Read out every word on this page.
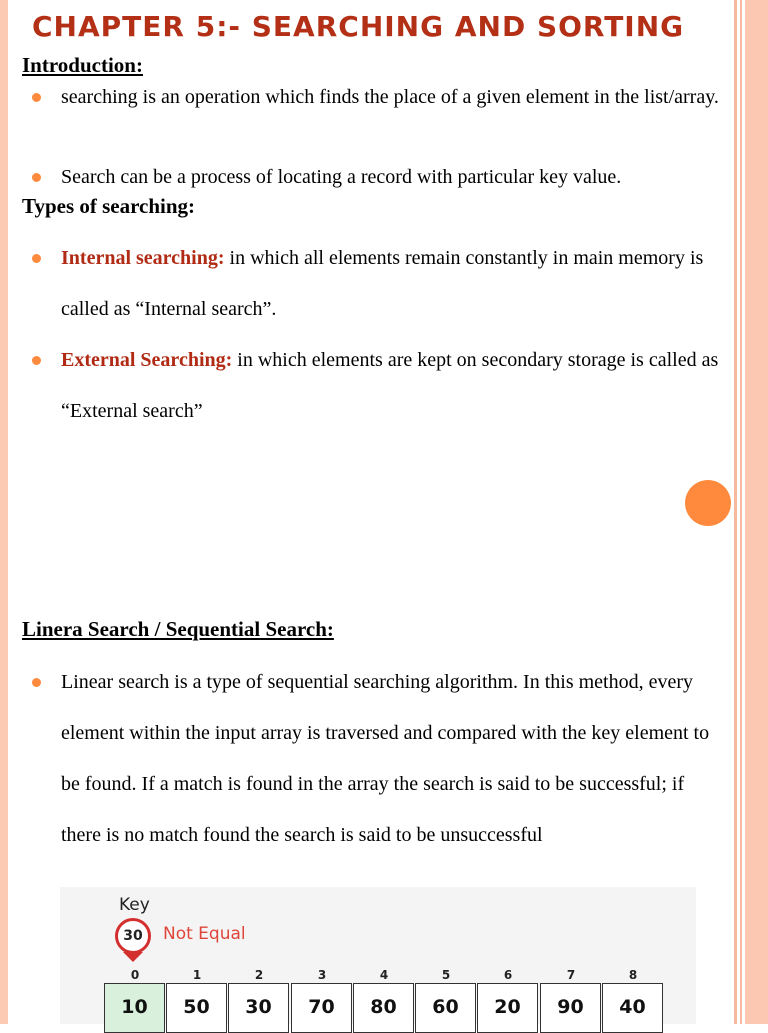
CHAPTER 5:- SEARCHING AND SORTING
Introduction:
searching is an operation which finds the place of a given element in the list/array.
Search can be a process of locating a record with particular key value.
Types of searching:
Internal searching: in which all elements remain constantly in main memory is called as “Internal search”.
External Searching: in which elements are kept on secondary storage is called as “External search”
Linera Search / Sequential Search:
Linear search is a type of sequential searching algorithm. In this method, every element within the input array is traversed and compared with the key element to be found. If a match is found in the array the search is said to be successful; if there is no match found the search is said to be unsuccessful
Key
30	Not Equal
0	1	2	3	4	5	6	7	8
10	50	30	70	80	60	20	90	40
